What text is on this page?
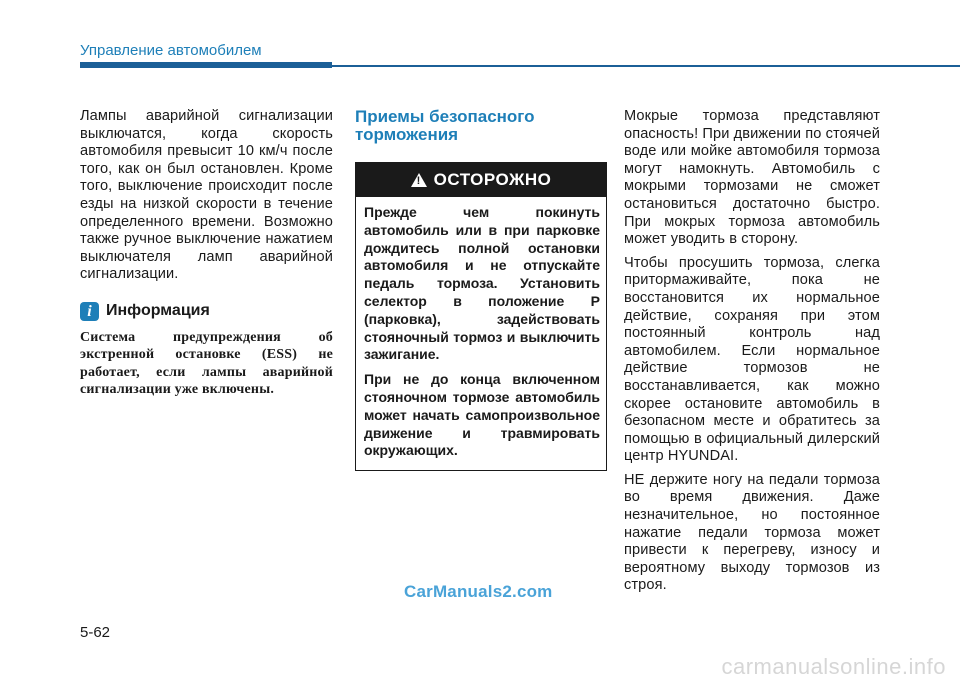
Управление автомобилем

Лампы аварийной сигнализации выключатся, когда скорость автомобиля превысит 10 км/ч после того, как он был остановлен. Кроме того, выключение происходит после езды на низкой скорости в течение определенного времени. Возможно также ручное выключение нажатием выключателя ламп аварийной сигнализации.

i Информация
Система предупреждения об экстренной остановке (ESS) не работает, если лампы аварийной сигнализации уже включены.
Приемы безопасного торможения
! ОСТОРОЖНО

Прежде чем покинуть автомобиль или в при парковке дождитесь полной остановки автомобиля и не отпускайте педаль тормоза. Установить селектор в положение P (парковка), задействовать стояночный тормоз и выключить зажигание.

При не до конца включенном стояночном тормозе автомобиль может начать самопроизвольное движение и травмировать окружающих.

Мокрые тормоза представляют опасность! При движении по стоячей воде или мойке автомобиля тормоза могут намокнуть. Автомобиль с мокрыми тормозами не сможет остановиться достаточно быстро. При мокрых тормоза автомобиль может уводить в сторону.

Чтобы просушить тормоза, слегка притормаживайте, пока не восстановится их нормальное действие, сохраняя при этом постоянный контроль над автомобилем. Если нормальное действие тормозов не восстанавливается, как можно скорее остановите автомобиль в безопасном месте и обратитесь за помощью в официальный дилерский центр HYUNDAI.

НЕ держите ногу на педали тормоза во время движения. Даже незначительное, но постоянное нажатие педали тормоза может привести к перегреву, износу и вероятному выходу тормозов из строя.

CarManuals2.com
5-62
carmanualsonline.info
